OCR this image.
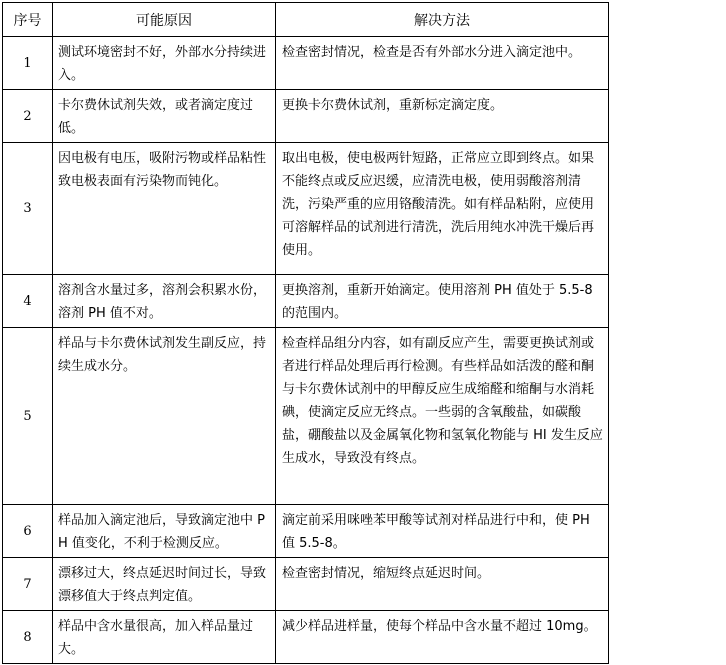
序号	可能原因	解决方法
1	测试环境密封不好，外部水分持续进入。	检查密封情况，检查是否有外部水分进入滴定池中。
2	卡尔费休试剂失效，或者滴定度过低。	更换卡尔费休试剂，重新标定滴定度。
3	因电极有电压，吸附污物或样品粘性致电极表面有污染物而钝化。	取出电极，使电极两针短路，正常应立即到终点。如果不能终点或反应迟缓，应清洗电极，使用弱酸溶剂清洗，污染严重的应用铬酸清洗。如有样品粘附，应使用可溶解样品的试剂进行清洗，洗后用纯水冲洗干燥后再使用。
4	溶剂含水量过多，溶剂会积累水份，溶剂 PH 值不对。	更换溶剂，重新开始滴定。使用溶剂 PH 值处于 5.5-8 的范围内。
5	样品与卡尔费休试剂发生副反应，持续生成水分。	检查样品组分内容，如有副反应产生，需要更换试剂或者进行样品处理后再行检测。有些样品如活泼的醛和酮与卡尔费休试剂中的甲醇反应生成缩醛和缩酮与水消耗碘，使滴定反应无终点。一些弱的含氧酸盐，如碳酸盐，硼酸盐以及金属氧化物和氢氧化物能与 HI 发生反应生成水，导致没有终点。
6	样品加入滴定池后，导致滴定池中 PH 值变化，不利于检测反应。	滴定前采用咪唑苯甲酸等试剂对样品进行中和，使 PH 值 5.5-8。
7	漂移过大，终点延迟时间过长，导致漂移值大于终点判定值。	检查密封情况，缩短终点延迟时间。
8	样品中含水量很高，加入样品量过大。	减少样品进样量，使每个样品中含水量不超过 10mg。
